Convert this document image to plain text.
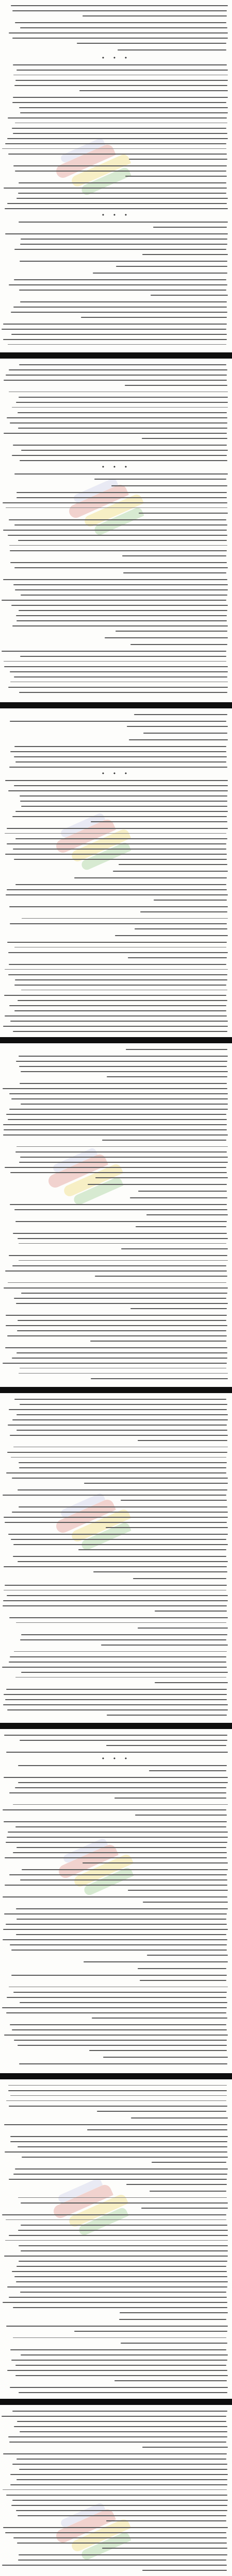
• • •
• • •
• • •
• • •
• • •
